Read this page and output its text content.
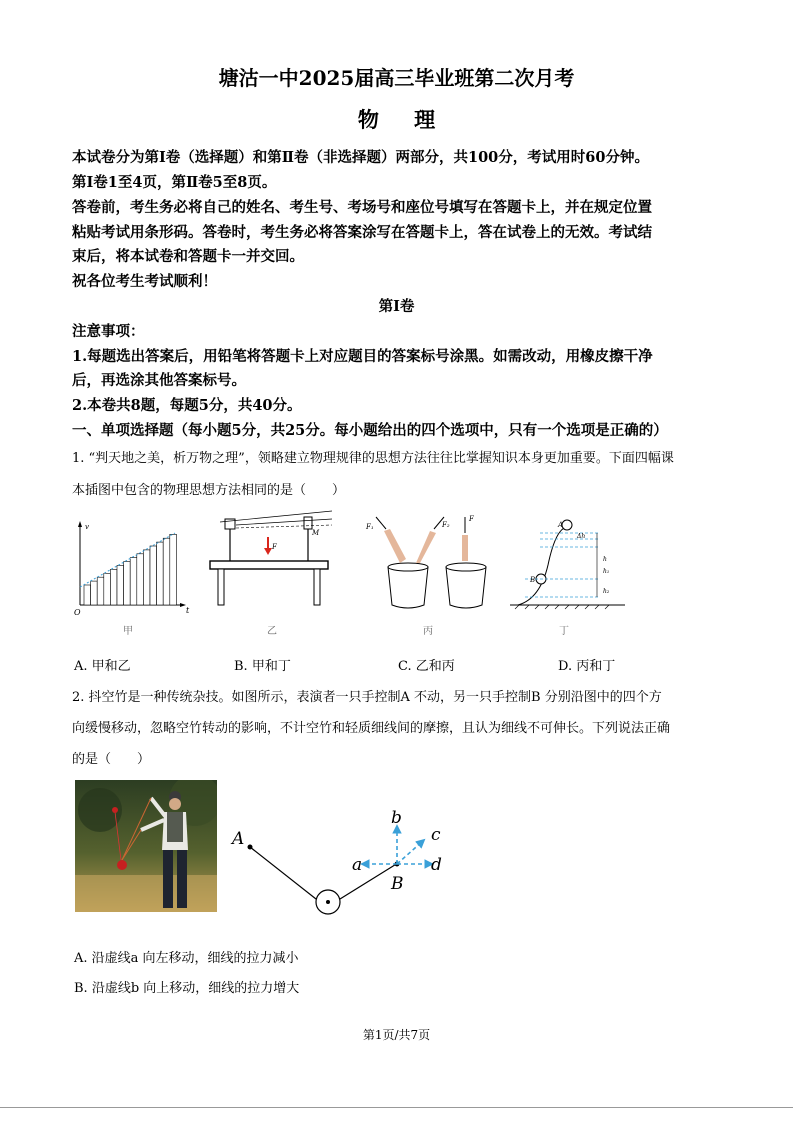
塘沽一中2025届高三毕业班第二次月考
物 理
本试卷分为第Ⅰ卷（选择题）和第Ⅱ卷（非选择题）两部分，共100分，考试用时60分钟。
第Ⅰ卷1至4页，第Ⅱ卷5至8页。
答卷前，考生务必将自己的姓名、考生号、考场号和座位号填写在答题卡上，并在规定位置
粘贴考试用条形码。答卷时，考生务必将答案涂写在答题卡上，答在试卷上的无效。考试结
束后，将本试卷和答题卡一并交回。
祝各位考生考试顺利！
第Ⅰ卷
注意事项：
1.每题选出答案后，用铅笔将答题卡上对应题目的答案标号涂黑。如需改动，用橡皮擦干净
后，再选涂其他答案标号。
2.本卷共8题，每题5分，共40分。
一、单项选择题（每小题5分，共25分。每小题给出的四个选项中，只有一个选项是正确的）
1. “判天地之美，析万物之理”，领略建立物理规律的思想方法往往比掌握知识本身更加重要。下面四幅课
本插图中包含的物理思想方法相同的是（　　）
v
O	t
F
M
F₁	F₂
F
A
B
Δh
h
h₁
h₂
甲	乙	丙	丁
A. 甲和乙	B. 甲和丁	C. 乙和丙	D. 丙和丁
2. 抖空竹是一种传统杂技。如图所示，表演者一只手控制A 不动，另一只手控制B 分别沿图中的四个方
向缓慢移动，忽略空竹转动的影响，不计空竹和轻质细线间的摩擦，且认为细线不可伸长。下列说法正确
的是（　　）
A
B
a
b
c
d
A. 沿虚线a 向左移动，细线的拉力减小
B. 沿虚线b 向上移动，细线的拉力增大
第1页/共7页
